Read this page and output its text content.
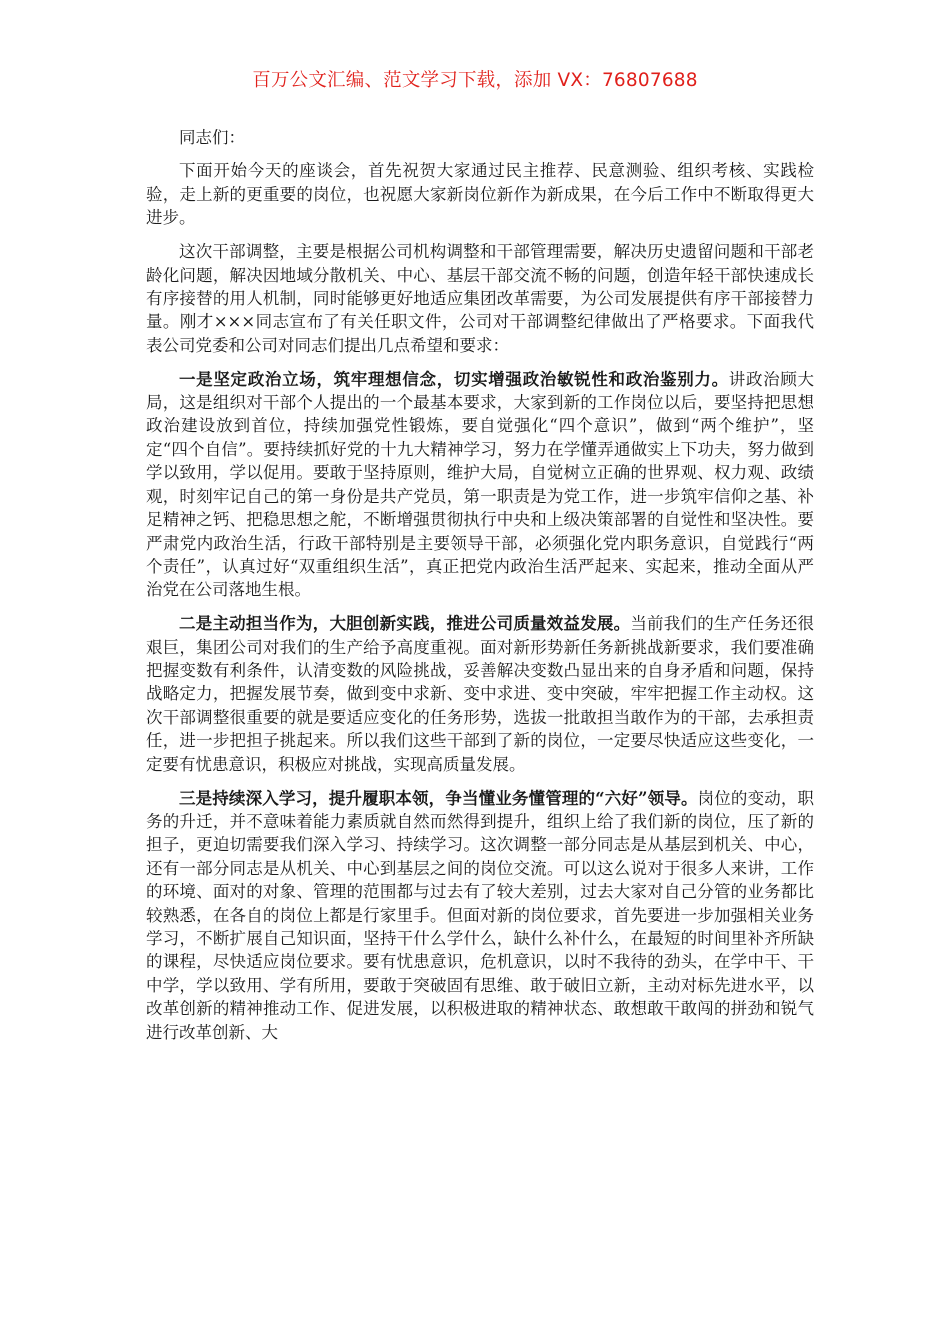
百万公文汇编、范文学习下载，添加 VX：76807688

同志们：

下面开始今天的座谈会，首先祝贺大家通过民主推荐、民意测验、组织考核、实践检验，走上新的更重要的岗位，也祝愿大家新岗位新作为新成果，在今后工作中不断取得更大进步。

这次干部调整，主要是根据公司机构调整和干部管理需要，解决历史遗留问题和干部老龄化问题，解决因地域分散机关、中心、基层干部交流不畅的问题，创造年轻干部快速成长有序接替的用人机制，同时能够更好地适应集团改革需要，为公司发展提供有序干部接替力量。刚才×××同志宣布了有关任职文件，公司对干部调整纪律做出了严格要求。下面我代表公司党委和公司对同志们提出几点希望和要求：

一是坚定政治立场，筑牢理想信念，切实增强政治敏锐性和政治鉴别力。讲政治顾大局，这是组织对干部个人提出的一个最基本要求，大家到新的工作岗位以后，要坚持把思想政治建设放到首位，持续加强党性锻炼，要自觉强化“四个意识”，做到“两个维护”，坚定“四个自信”。要持续抓好党的十九大精神学习，努力在学懂弄通做实上下功夫，努力做到学以致用，学以促用。要敢于坚持原则，维护大局，自觉树立正确的世界观、权力观、政绩观，时刻牢记自己的第一身份是共产党员，第一职责是为党工作，进一步筑牢信仰之基、补足精神之钙、把稳思想之舵，不断增强贯彻执行中央和上级决策部署的自觉性和坚决性。要严肃党内政治生活，行政干部特别是主要领导干部，必须强化党内职务意识，自觉践行“两个责任”，认真过好“双重组织生活”，真正把党内政治生活严起来、实起来，推动全面从严治党在公司落地生根。

二是主动担当作为，大胆创新实践，推进公司质量效益发展。当前我们的生产任务还很艰巨，集团公司对我们的生产给予高度重视。面对新形势新任务新挑战新要求，我们要准确把握变数有利条件，认清变数的风险挑战，妥善解决变数凸显出来的自身矛盾和问题，保持战略定力，把握发展节奏，做到变中求新、变中求进、变中突破，牢牢把握工作主动权。这次干部调整很重要的就是要适应变化的任务形势，选拔一批敢担当敢作为的干部，去承担责任，进一步把担子挑起来。所以我们这些干部到了新的岗位，一定要尽快适应这些变化，一定要有忧患意识，积极应对挑战，实现高质量发展。

三是持续深入学习，提升履职本领，争当懂业务懂管理的“六好”领导。岗位的变动，职务的升迁，并不意味着能力素质就自然而然得到提升，组织上给了我们新的岗位，压了新的担子，更迫切需要我们深入学习、持续学习。这次调整一部分同志是从基层到机关、中心，还有一部分同志是从机关、中心到基层之间的岗位交流。可以这么说对于很多人来讲，工作的环境、面对的对象、管理的范围都与过去有了较大差别，过去大家对自己分管的业务都比较熟悉，在各自的岗位上都是行家里手。但面对新的岗位要求，首先要进一步加强相关业务学习，不断扩展自己知识面，坚持干什么学什么，缺什么补什么，在最短的时间里补齐所缺的课程，尽快适应岗位要求。要有忧患意识，危机意识，以时不我待的劲头，在学中干、干中学，学以致用、学有所用，要敢于突破固有思维、敢于破旧立新，主动对标先进水平，以改革创新的精神推动工作、促进发展，以积极进取的精神状态、敢想敢干敢闯的拼劲和锐气进行改革创新、大
